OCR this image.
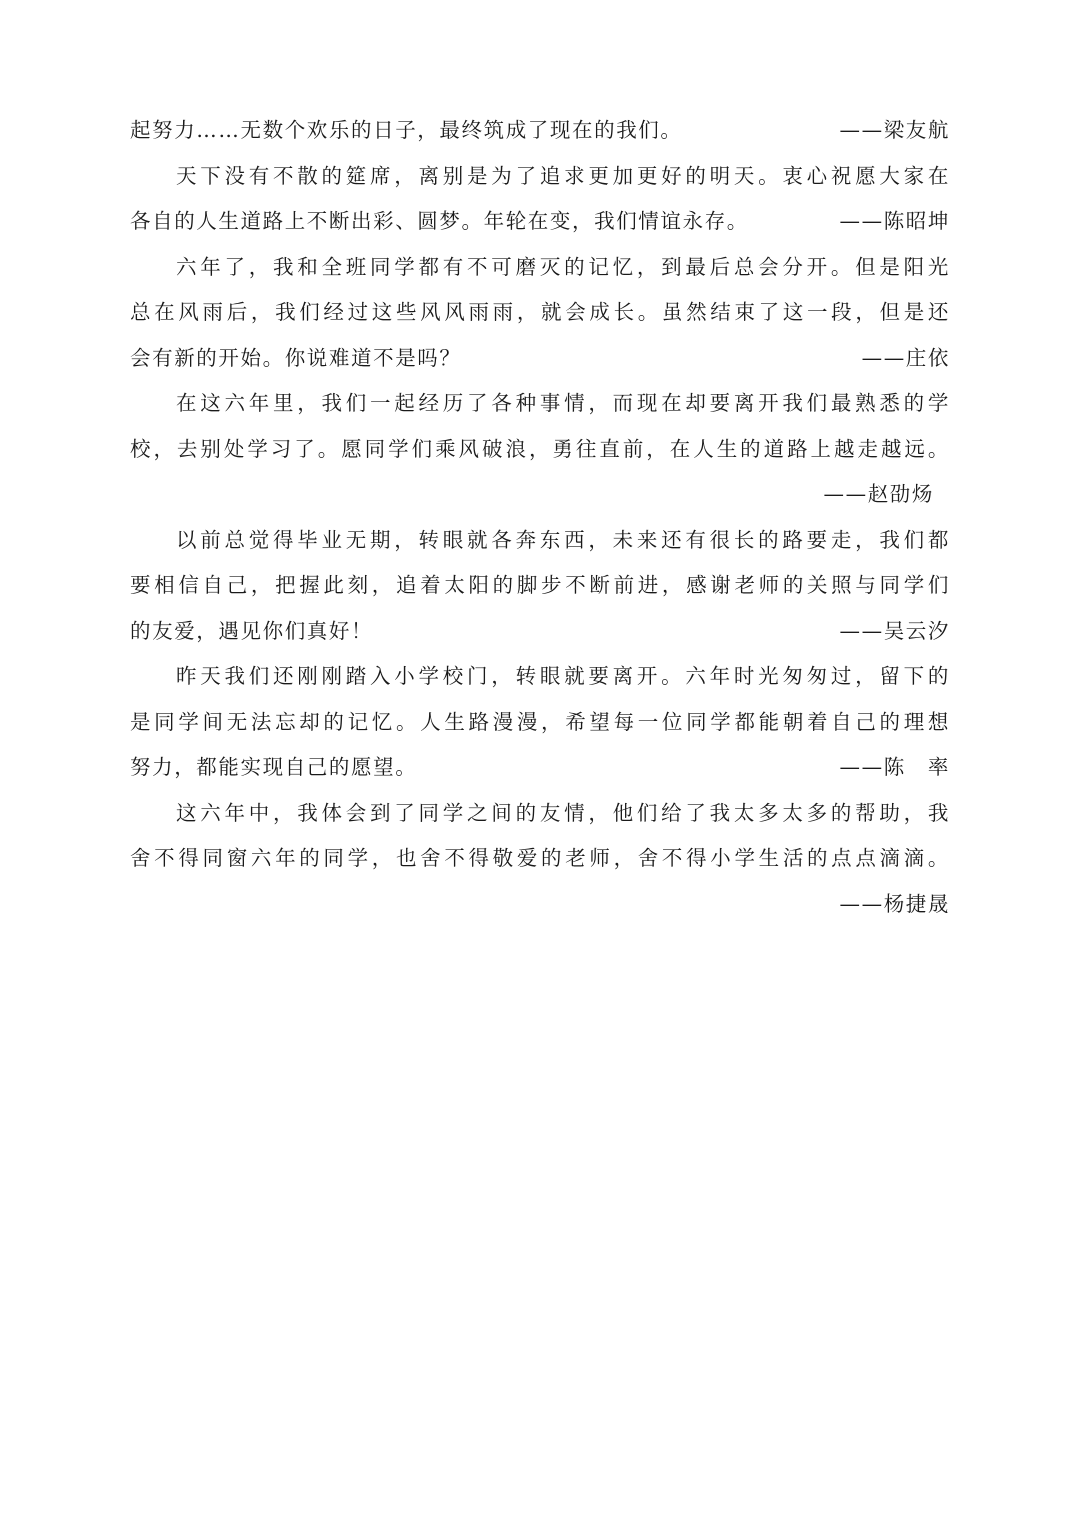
起努力……无数个欢乐的日子，最终筑成了现在的我们。	——梁友航
天下没有不散的筵席，离别是为了追求更加更好的明天。衷心祝愿大家在
各自的人生道路上不断出彩、圆梦。年轮在变，我们情谊永存。	——陈昭坤
六年了，我和全班同学都有不可磨灭的记忆，到最后总会分开。但是阳光
总在风雨后，我们经过这些风风雨雨，就会成长。虽然结束了这一段，但是还
会有新的开始。你说难道不是吗？	——庄依
在这六年里，我们一起经历了各种事情，而现在却要离开我们最熟悉的学
校，去别处学习了。愿同学们乘风破浪，勇往直前，在人生的道路上越走越远。
——赵劭炀
以前总觉得毕业无期，转眼就各奔东西，未来还有很长的路要走，我们都
要相信自己，把握此刻，追着太阳的脚步不断前进，感谢老师的关照与同学们
的友爱，遇见你们真好！	——吴云汐
昨天我们还刚刚踏入小学校门，转眼就要离开。六年时光匆匆过，留下的
是同学间无法忘却的记忆。人生路漫漫，希望每一位同学都能朝着自己的理想
努力，都能实现自己的愿望。	——陈　率
这六年中，我体会到了同学之间的友情，他们给了我太多太多的帮助，我
舍不得同窗六年的同学，也舍不得敬爱的老师，舍不得小学生活的点点滴滴。
——杨捷晟
